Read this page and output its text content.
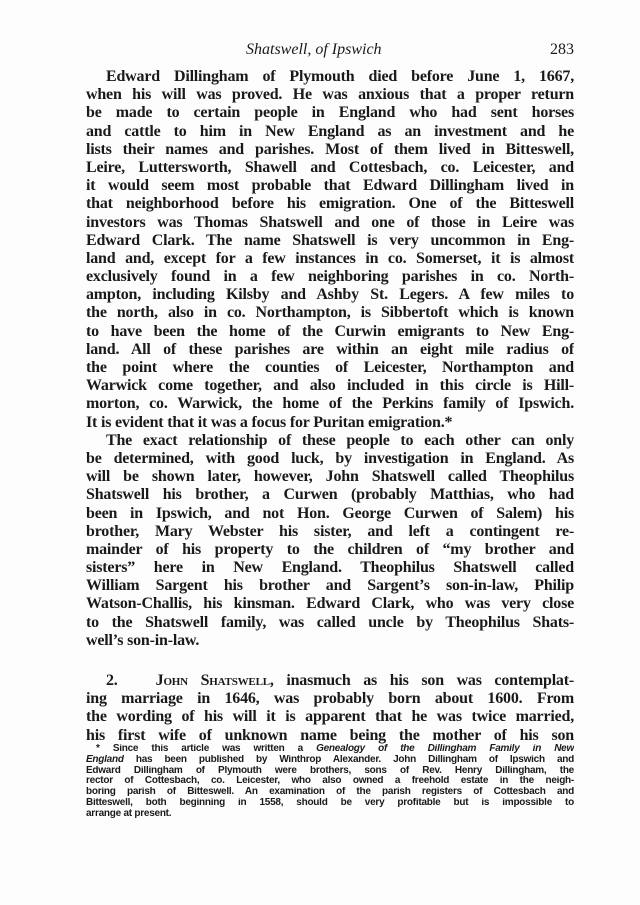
Shatswell, of Ipswich	283
Edward Dillingham of Plymouth died before June 1, 1667,
when his will was proved. He was anxious that a proper return
be made to certain people in England who had sent horses
and cattle to him in New England as an investment and he
lists their names and parishes. Most of them lived in Bitteswell,
Leire, Luttersworth, Shawell and Cottesbach, co. Leicester, and
it would seem most probable that Edward Dillingham lived in
that neighborhood before his emigration. One of the Bitteswell
investors was Thomas Shatswell and one of those in Leire was
Edward Clark. The name Shatswell is very uncommon in Eng-
land and, except for a few instances in co. Somerset, it is almost
exclusively found in a few neighboring parishes in co. North-
ampton, including Kilsby and Ashby St. Legers. A few miles to
the north, also in co. Northampton, is Sibbertoft which is known
to have been the home of the Curwin emigrants to New Eng-
land. All of these parishes are within an eight mile radius of
the point where the counties of Leicester, Northampton and
Warwick come together, and also included in this circle is Hill-
morton, co. Warwick, the home of the Perkins family of Ipswich.
It is evident that it was a focus for Puritan emigration.*
The exact relationship of these people to each other can only
be determined, with good luck, by investigation in England. As
will be shown later, however, John Shatswell called Theophilus
Shatswell his brother, a Curwen (probably Matthias, who had
been in Ipswich, and not Hon. George Curwen of Salem) his
brother, Mary Webster his sister, and left a contingent re-
mainder of his property to the children of “my brother and
sisters” here in New England. Theophilus Shatswell called
William Sargent his brother and Sargent’s son-in-law, Philip
Watson-Challis, his kinsman. Edward Clark, who was very close
to the Shatswell family, was called uncle by Theophilus Shats-
well’s son-in-law.
2. John Shatswell, inasmuch as his son was contemplat-
ing marriage in 1646, was probably born about 1600. From
the wording of his will it is apparent that he was twice married,
his first wife of unknown name being the mother of his son
* Since this article was written a Genealogy of the Dillingham Family in New
England has been published by Winthrop Alexander. John Dillingham of Ipswich and
Edward Dillingham of Plymouth were brothers, sons of Rev. Henry Dillingham, the
rector of Cottesbach, co. Leicester, who also owned a freehold estate in the neigh-
boring parish of Bitteswell. An examination of the parish registers of Cottesbach and
Bitteswell, both beginning in 1558, should be very profitable but is impossible to
arrange at present.
